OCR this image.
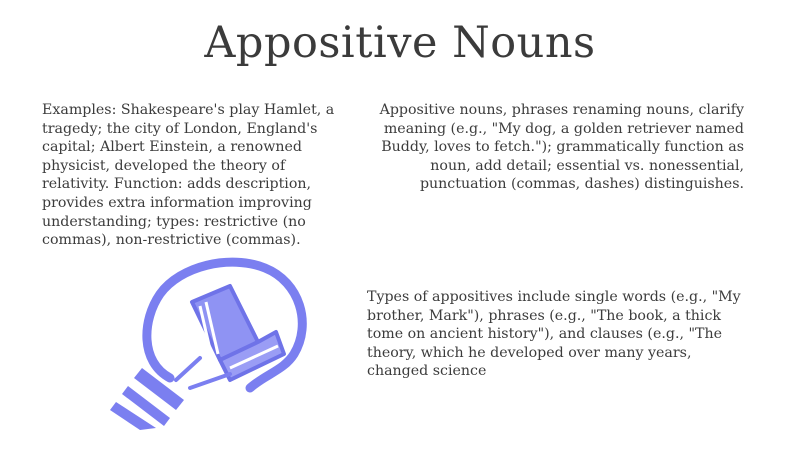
Appositive Nouns
Examples: Shakespeare's play Hamlet, a tragedy; the city of London, England's capital; Albert Einstein, a renowned physicist, developed the theory of relativity. Function: adds description, provides extra information improving understanding; types: restrictive (no commas), non-restrictive (commas).
Appositive nouns, phrases renaming nouns, clarify meaning (e.g., "My dog, a golden retriever named Buddy, loves to fetch."); grammatically function as noun, add detail; essential vs. nonessential, punctuation (commas, dashes) distinguishes.
Types of appositives include single words (e.g., "My brother, Mark"), phrases (e.g., "The book, a thick tome on ancient history"), and clauses (e.g., "The theory, which he developed over many years, changed science
